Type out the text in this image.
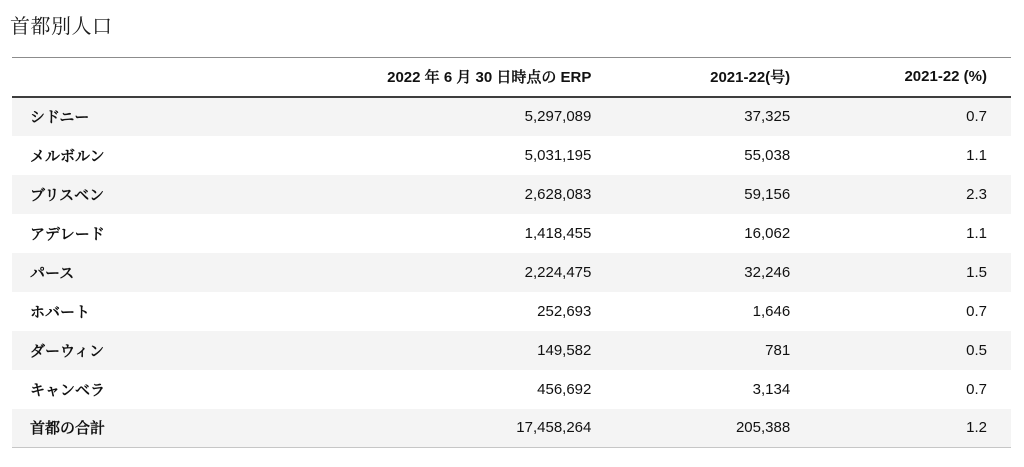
首都別人口
	2022 年 6 月 30 日時点の ERP	2021-22(号)	2021-22 (%)
シドニー	5,297,089	37,325	0.7
メルボルン	5,031,195	55,038	1.1
ブリスベン	2,628,083	59,156	2.3
アデレード	1,418,455	16,062	1.1
パース	2,224,475	32,246	1.5
ホバート	252,693	1,646	0.7
ダーウィン	149,582	781	0.5
キャンベラ	456,692	3,134	0.7
首都の合計	17,458,264	205,388	1.2
